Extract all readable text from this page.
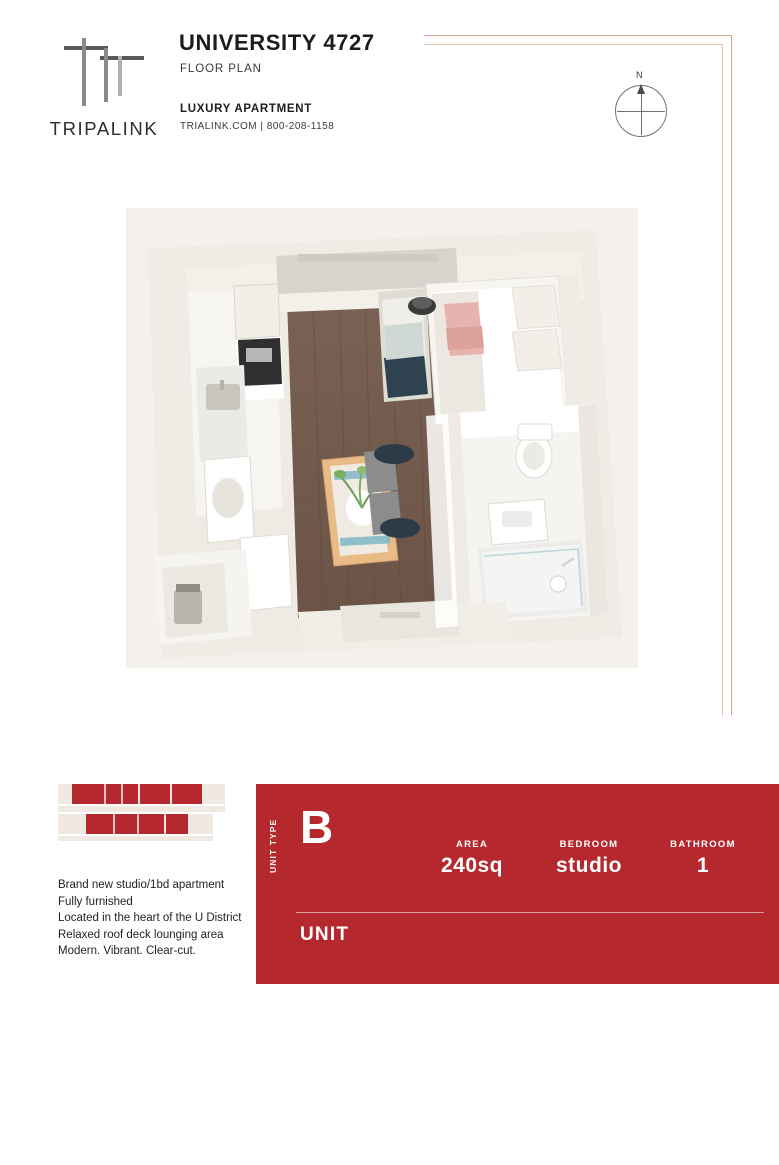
TRIPALINK
UNIVERSITY 4727
FLOOR PLAN
LUXURY APARTMENT
TRIALINK.COM | 800-208-1158
N
Brand new studio/1bd apartment
Fully furnished
Located in the heart of the U District
Relaxed roof deck lounging area
Modern. Vibrant. Clear-cut.
UNIT TYPE B	AREA
240sq
BEDROOM
studio
BATHROOM
1
UNIT

001 | 002 | 003 | 0041F	02-08

6-7F    01 | 03-08 2-5F 03-08
